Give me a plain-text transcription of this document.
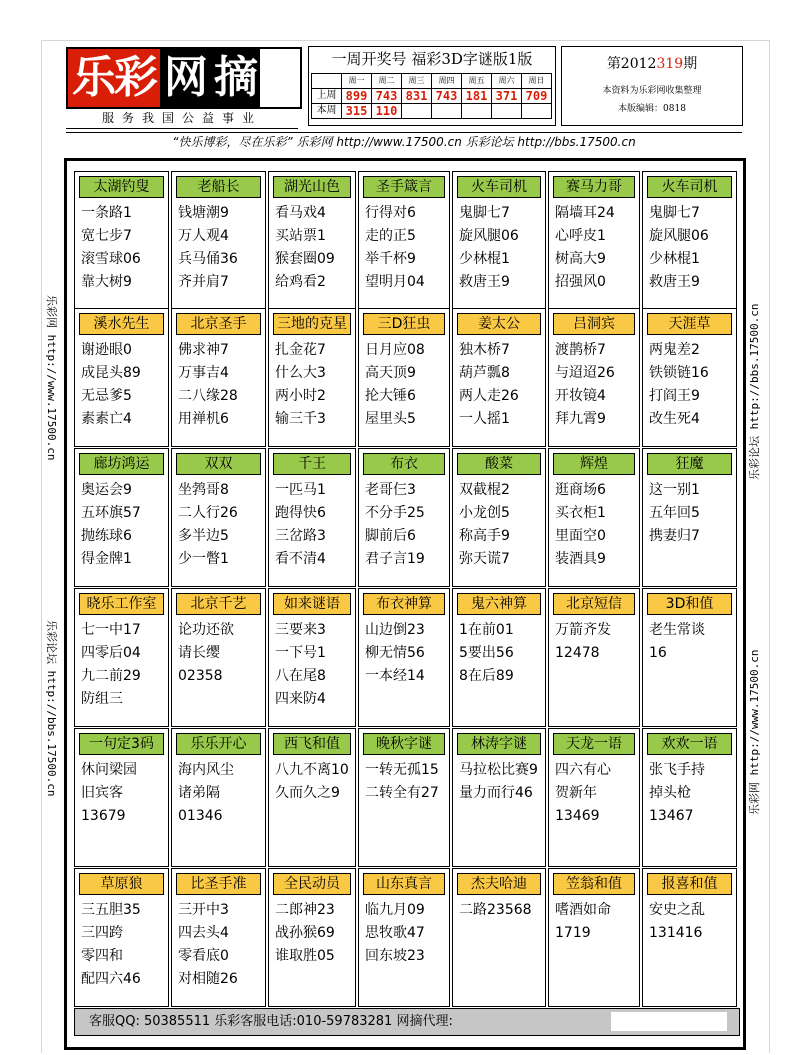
乐彩 网 摘
服务我国公益事业
一周开奖号 福彩3D字谜版1版
	周一	周二	周三	周四	周五	周六	周日
上周	899	743	831	743	181	371	709
本周	315	110					
第2012319期
本资料为乐彩网收集整理
本版编辑：0818
“快乐博彩，尽在乐彩” 乐彩网 http://www.17500.cn 乐彩论坛 http://bbs.17500.cn
乐彩网 http://www.17500.cn
乐彩论坛 http://bbs.17500.cn
乐彩论坛 http://bbs.17500.cn
乐彩网 http://www.17500.cn
太湖钓叟
一条路1
宽七步7
滚雪球06
靠大树9
老船长
钱塘潮9
万人观4
兵马俑36
齐并肩7
湖光山色
看马戏4
买站票1
猴套圈09
给鸡看2
圣手箴言
行得对6
走的正5
举千杯9
望明月04
火车司机
鬼脚七7
旋风腿06
少林棍1
救唐王9
赛马力哥
隔墙耳24
心呼皮1
树高大9
招强风0
火车司机
鬼脚七7
旋风腿06
少林棍1
救唐王9
溪水先生
谢逊眼0
成昆头89
无忌爹5
素素亡4
北京圣手
佛求神7
万事吉4
二八缘28
用禅机6
三地的克星
扎金花7
什么大3
两小时2
输三千3
三D狂虫
日月应08
高天顶9
抡大锤6
屋里头5
姜太公
独木桥7
葫芦瓢8
两人走26
一人摇1
吕洞宾
渡鹊桥7
与迢迢26
开妆镜4
拜九霄9
天涯草
两鬼差2
铁锁链16
打阎王9
改生死4
廊坊鸿运
奥运会9
五环旗57
抛练球6
得金牌1
双双
坐鹁哥8
二人行26
多半边5
少一瞥1
千王
一匹马1
跑得快6
三岔路3
看不清4
布衣
老哥仨3
不分手25
脚前后6
君子言19
酸菜
双截棍2
小龙创5
称高手9
弥天谎7
辉煌
逛商场6
买衣柜1
里面空0
装酒具9
狂魔
这一别1
五年回5
携妻归7
晓乐工作室
七一中17
四零后04
九二前29
防组三
北京千艺
论功还欲
请长缨
02358
如来谜语
三要来3
一下号1
八在尾8
四来防4
布衣神算
山边倒23
柳无情56
一本经14
鬼六神算
1在前01
5要出56
8在后89
北京短信
万箭齐发
12478
3D和值
老生常谈
16
一句定3码
休问梁园
旧宾客
13679
乐乐开心
海内风尘
诸弟隔
01346
西飞和值
八九不离10
久而久之9
晚秋字谜
一转无孤15
二转全有27
林涛字谜
马拉松比赛9
量力而行46
天龙一语
四六有心
贺新年
13469
欢欢一语
张飞手持
掉头枪
13467
草原狼
三五胆35
三四跨
零四和
配四六46
比圣手准
三开中3
四去头4
零看底0
对相随26
全民动员
二郎神23
战孙猴69
谁取胜05
山东真言
临九月09
思牧歌47
回东坡23
杰夫哈迪
二路23568
笠翁和值
嗜酒如命
1719
报喜和值
安史之乱
131416
客服QQ: 50385511 乐彩客服电话:010-59783281 网摘代理:
